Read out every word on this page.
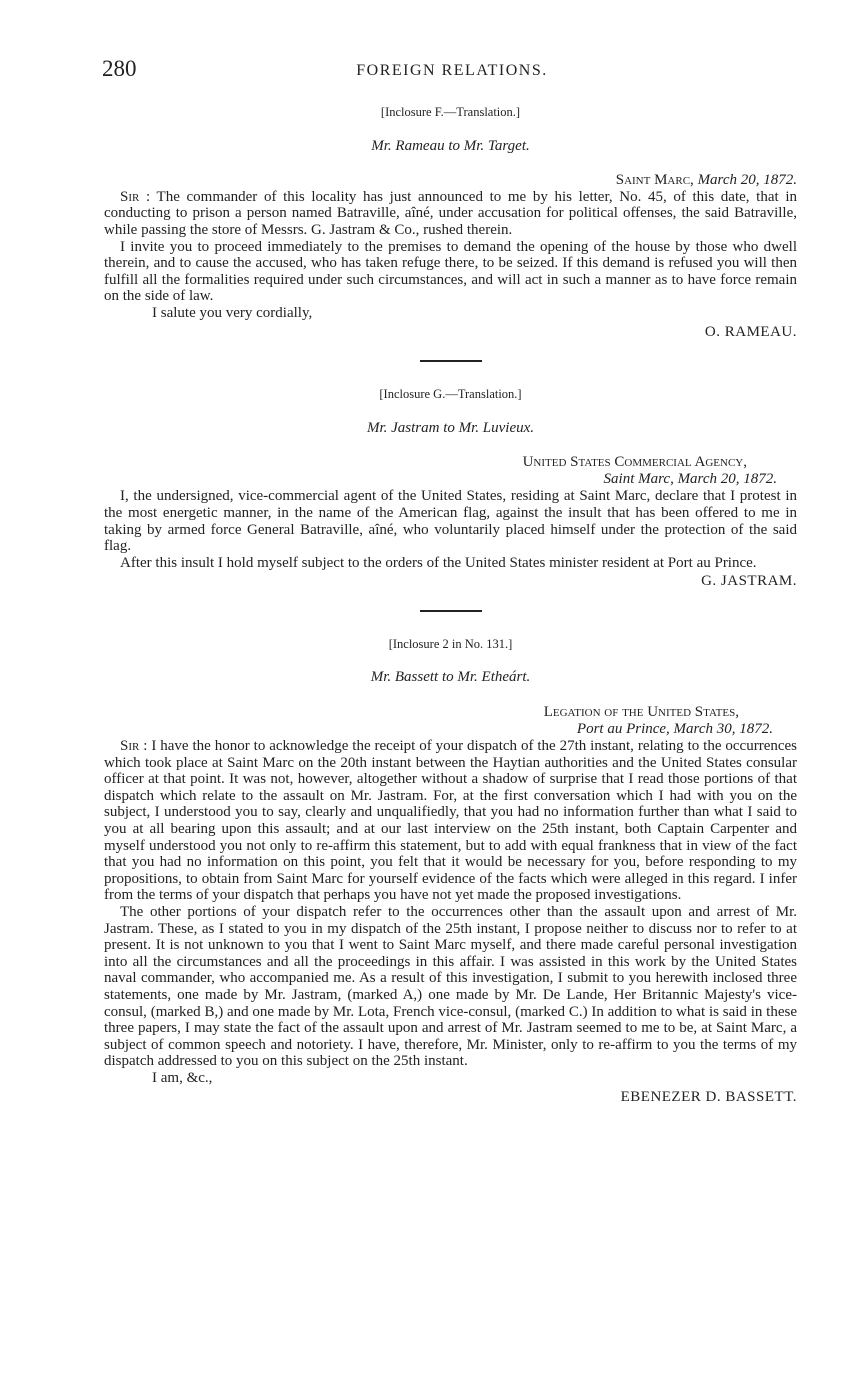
280	FOREIGN RELATIONS.
[Inclosure F.—Translation.]
Mr. Rameau to Mr. Target.
Saint Marc, March 20, 1872.

Sir : The commander of this locality has just announced to me by his letter, No. 45, of this date, that in conducting to prison a person named Batraville, aîné, under accusation for political offenses, the said Batraville, while passing the store of Messrs. G. Jastram & Co., rushed therein.

I invite you to proceed immediately to the premises to demand the opening of the house by those who dwell therein, and to cause the accused, who has taken refuge there, to be seized. If this demand is refused you will then fulfill all the formalities required under such circumstances, and will act in such a manner as to have force remain on the side of law.

I salute you very cordially,
O. RAMEAU.
[Inclosure G.—Translation.]
Mr. Jastram to Mr. Luvieux.
United States Commercial Agency,
Saint Marc, March 20, 1872.

I, the undersigned, vice-commercial agent of the United States, residing at Saint Marc, declare that I protest in the most energetic manner, in the name of the American flag, against the insult that has been offered to me in taking by armed force General Batraville, aîné, who voluntarily placed himself under the protection of the said flag.

After this insult I hold myself subject to the orders of the United States minister resident at Port au Prince.

G. JASTRAM.
[Inclosure 2 in No. 131.]
Mr. Bassett to Mr. Etheárt.
Legation of the United States,
Port au Prince, March 30, 1872.

Sir : I have the honor to acknowledge the receipt of your dispatch of the 27th instant, relating to the occurrences which took place at Saint Marc on the 20th instant between the Haytian authorities and the United States consular officer at that point. It was not, however, altogether without a shadow of surprise that I read those portions of that dispatch which relate to the assault on Mr. Jastram. For, at the first conversation which I had with you on the subject, I understood you to say, clearly and unqualifiedly, that you had no information further than what I said to you at all bearing upon this assault; and at our last interview on the 25th instant, both Captain Carpenter and myself understood you not only to re-affirm this statement, but to add with equal frankness that in view of the fact that you had no information on this point, you felt that it would be necessary for you, before responding to my propositions, to obtain from Saint Marc for yourself evidence of the facts which were alleged in this regard. I infer from the terms of your dispatch that perhaps you have not yet made the proposed investigations.

The other portions of your dispatch refer to the occurrences other than the assault upon and arrest of Mr. Jastram. These, as I stated to you in my dispatch of the 25th instant, I propose neither to discuss nor to refer to at present. It is not unknown to you that I went to Saint Marc myself, and there made careful personal investigation into all the circumstances and all the proceedings in this affair. I was assisted in this work by the United States naval commander, who accompanied me. As a result of this investigation, I submit to you herewith inclosed three statements, one made by Mr. Jastram, (marked A,) one made by Mr. De Lande, Her Britannic Majesty's vice-consul, (marked B,) and one made by Mr. Lota, French vice-consul, (marked C.) In addition to what is said in these three papers, I may state the fact of the assault upon and arrest of Mr. Jastram seemed to me to be, at Saint Marc, a subject of common speech and notoriety. I have, therefore, Mr. Minister, only to re-affirm to you the terms of my dispatch addressed to you on this subject on the 25th instant.

I am, &c.,
EBENEZER D. BASSETT.
